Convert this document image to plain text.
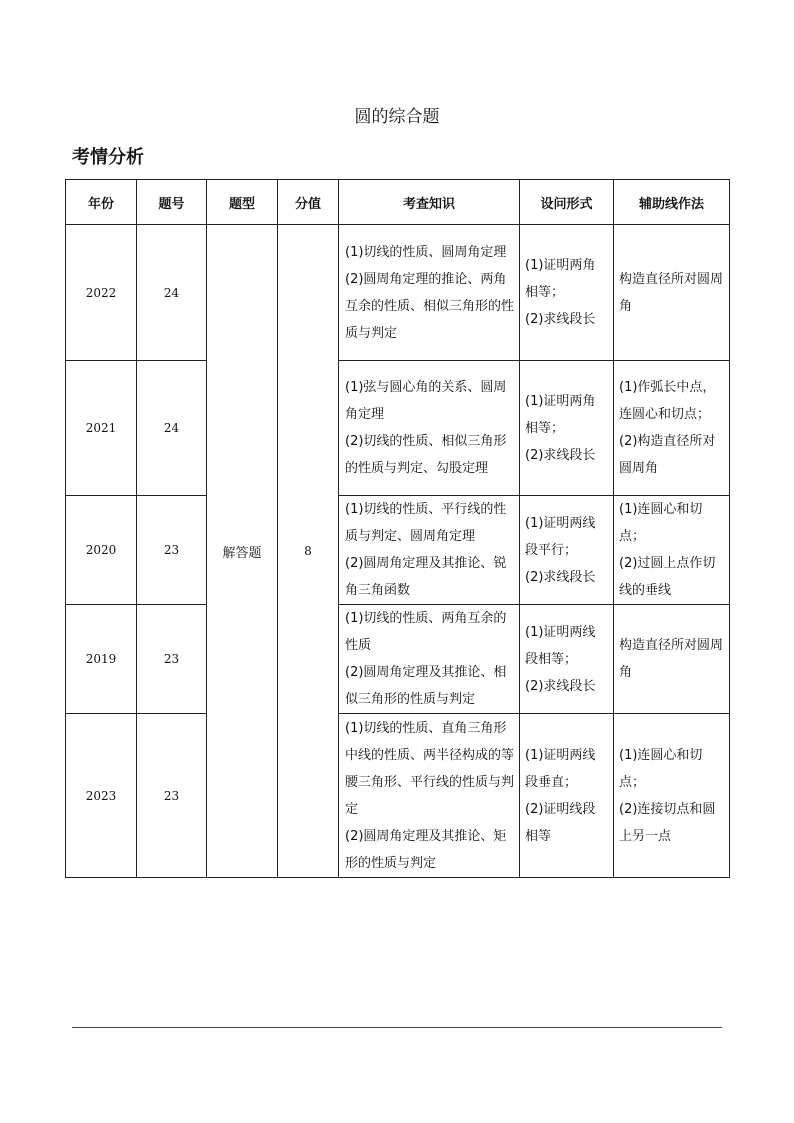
圆的综合题
考情分析
年份	题号	题型	分值	考查知识	设问形式	辅助线作法
2022	24	解答题	8	(1)切线的性质、圆周角定理
(2)圆周角定理的推论、两角互余的性质、相似三角形的性质与判定	(1)证明两角相等；
(2)求线段长	构造直径所对圆周角

2021	24			(1)弦与圆心角的关系、圆周角定理
(2)切线的性质、相似三角形的性质与判定、勾股定理	(1)证明两角相等；
(2)求线段长	(1)作弧长中点，连圆心和切点；
(2)构造直径所对圆周角

2020	23			(1)切线的性质、平行线的性质与判定、圆周角定理
(2)圆周角定理及其推论、锐角三角函数	(1)证明两线段平行；
(2)求线段长	(1)连圆心和切点；
(2)过圆上点作切线的垂线

2019	23			(1)切线的性质、两角互余的性质
(2)圆周角定理及其推论、相似三角形的性质与判定	(1)证明两线段相等；
(2)求线段长	构造直径所对圆周角

2023	23			(1)切线的性质、直角三角形中线的性质、两半径构成的等腰三角形、平行线的性质与判定
(2)圆周角定理及其推论、矩形的性质与判定	(1)证明两线段垂直；
(2)证明线段相等	(1)连圆心和切点；
(2)连接切点和圆上另一点
